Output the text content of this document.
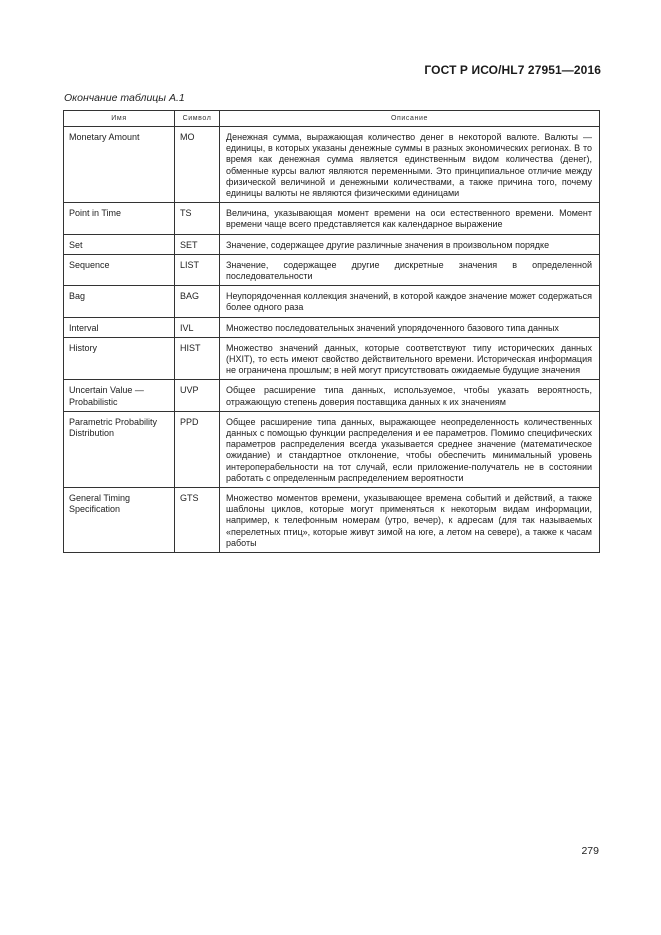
ГОСТ Р ИСО/HL7 27951—2016
Окончание таблицы А.1
Имя	Символ	Описание
Monetary Amount	MO	Денежная сумма, выражающая количество денег в некоторой валюте. Валюты — единицы, в которых указаны денежные суммы в разных экономических регионах. В то время как денежная сумма является единственным видом количества (денег), обменные курсы валют являются переменными. Это принципиальное отличие между физической величиной и денежными количествами, а также причина того, почему единицы валюты не являются физическими единицами
Point in Time	TS	Величина, указывающая момент времени на оси естественного времени. Момент времени чаще всего представляется как календарное выражение
Set	SET	Значение, содержащее другие различные значения в произвольном порядке
Sequence	LIST	Значение, содержащее другие дискретные значения в определенной последовательности
Bag	BAG	Неупорядоченная коллекция значений, в которой каждое значение может содержаться более одного раза
Interval	IVL	Множество последовательных значений упорядоченного базового типа данных
History	HIST	Множество значений данных, которые соответствуют типу исторических данных (HXIT), то есть имеют свойство действительного времени. Историческая информация не ограничена прошлым; в ней могут присутствовать ожидаемые будущие значения
Uncertain Value — Probabilistic	UVP	Общее расширение типа данных, используемое, чтобы указать вероятность, отражающую степень доверия поставщика данных к их значениям
Parametric Probability Distribution	PPD	Общее расширение типа данных, выражающее неопределенность количественных данных с помощью функции распределения и ее параметров. Помимо специфических параметров распределения всегда указывается среднее значение (математическое ожидание) и стандартное отклонение, чтобы обеспечить минимальный уровень интероперабельности на тот случай, если приложение-получатель не в состоянии работать с определенным распределением вероятности
General Timing Specification	GTS	Множество моментов времени, указывающее времена событий и действий, а также шаблоны циклов, которые могут применяться к некоторым видам информации, например, к телефонным номерам (утро, вечер), к адресам (для так называемых «перелетных птиц», которые живут зимой на юге, а летом на севере), а также к часам работы
279
